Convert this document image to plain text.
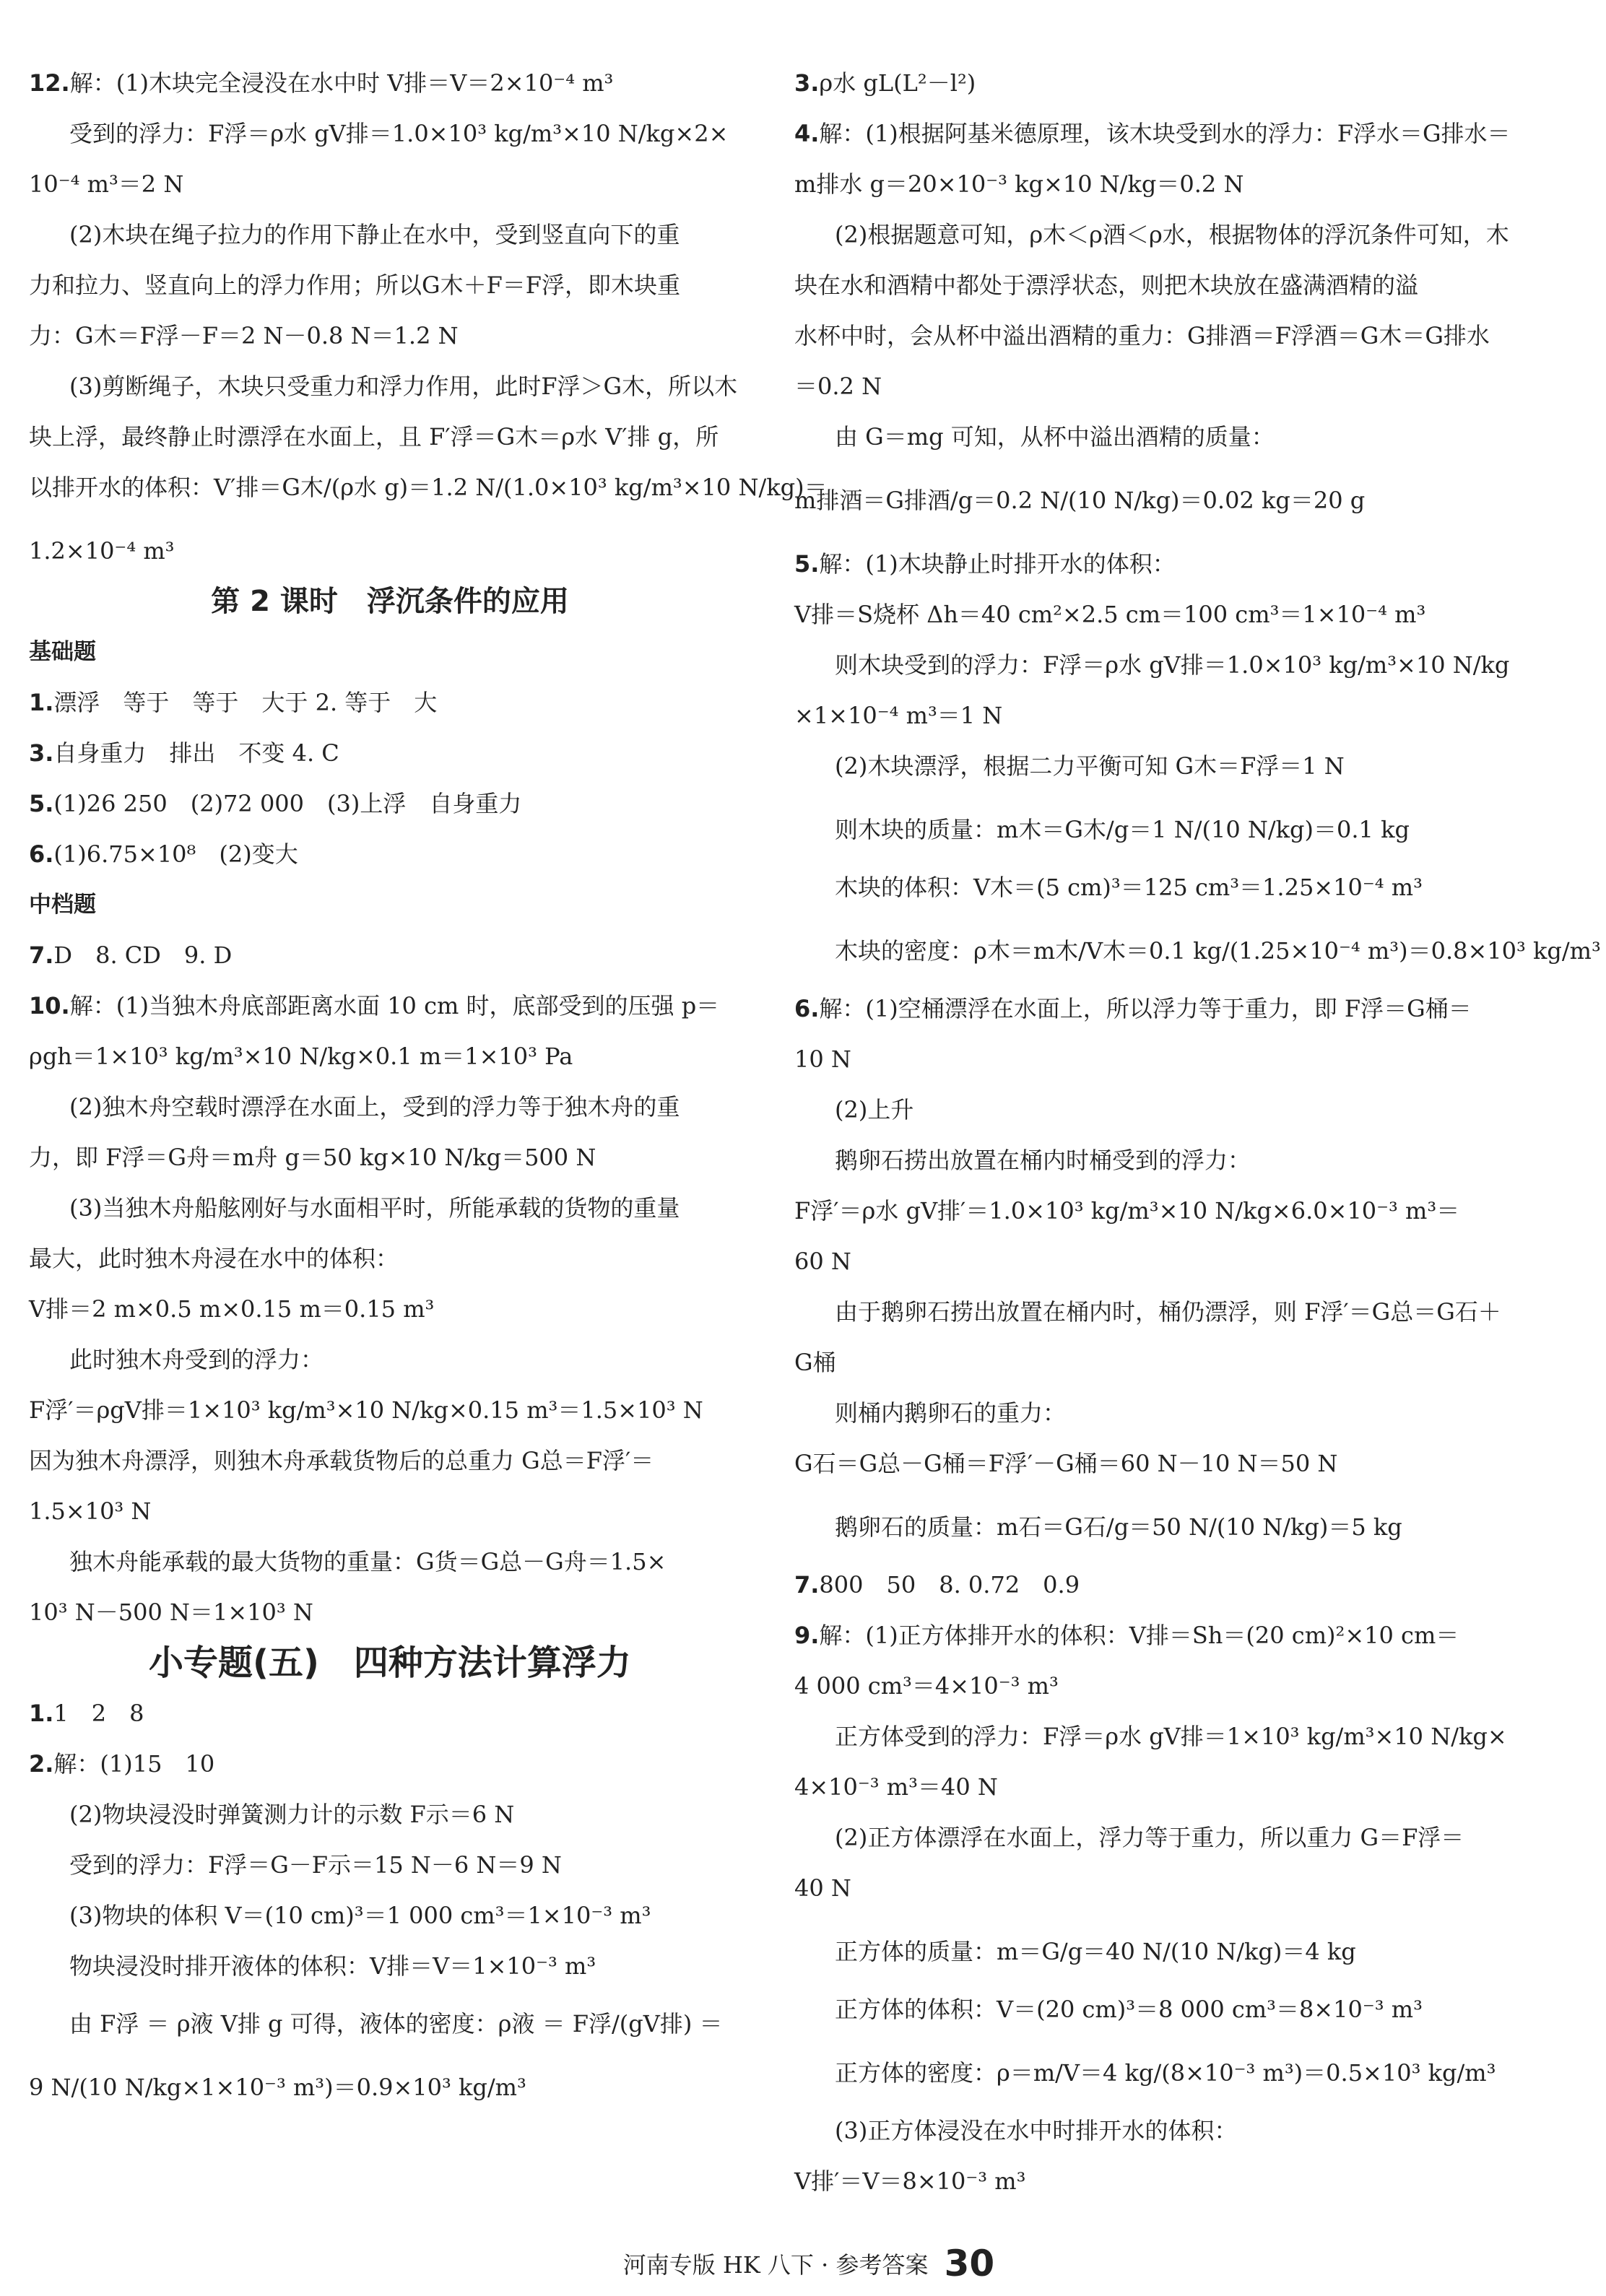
12.解：(1)木块完全浸没在水中时 V排＝V＝2×10⁻⁴ m³
受到的浮力：F浮＝ρ水 gV排＝1.0×10³ kg/m³×10 N/kg×2×
10⁻⁴ m³＝2 N
(2)木块在绳子拉力的作用下静止在水中，受到竖直向下的重
力和拉力、竖直向上的浮力作用；所以G木＋F＝F浮，即木块重
力：G木＝F浮－F＝2 N－0.8 N＝1.2 N
(3)剪断绳子，木块只受重力和浮力作用，此时F浮＞G木，所以木
块上浮，最终静止时漂浮在水面上，且 F′浮＝G木＝ρ水 V′排 g，所
以排开水的体积：V′排＝G木/(ρ水 g)＝1.2 N/(1.0×10³ kg/m³×10 N/kg)＝
1.2×10⁻⁴ m³
第 2 课时　浮沉条件的应用
基础题
1.漂浮　等于　等于　大于 2. 等于　大
3.自身重力　排出　不变 4. C
5.(1)26 250　(2)72 000　(3)上浮　自身重力
6.(1)6.75×10⁸　(2)变大
中档题
7.D　8. CD　9. D
10.解：(1)当独木舟底部距离水面 10 cm 时，底部受到的压强 p＝
ρgh＝1×10³ kg/m³×10 N/kg×0.1 m＝1×10³ Pa
(2)独木舟空载时漂浮在水面上，受到的浮力等于独木舟的重
力，即 F浮＝G舟＝m舟 g＝50 kg×10 N/kg＝500 N
(3)当独木舟船舷刚好与水面相平时，所能承载的货物的重量
最大，此时独木舟浸在水中的体积：
V排＝2 m×0.5 m×0.15 m＝0.15 m³
此时独木舟受到的浮力：
F浮′＝ρgV排＝1×10³ kg/m³×10 N/kg×0.15 m³＝1.5×10³ N
因为独木舟漂浮，则独木舟承载货物后的总重力 G总＝F浮′＝
1.5×10³ N
独木舟能承载的最大货物的重量：G货＝G总－G舟＝1.5×
10³ N－500 N＝1×10³ N
小专题(五)　四种方法计算浮力
1.1　2　8
2.解：(1)15　10
(2)物块浸没时弹簧测力计的示数 F示＝6 N
受到的浮力：F浮＝G－F示＝15 N－6 N＝9 N
(3)物块的体积 V＝(10 cm)³＝1 000 cm³＝1×10⁻³ m³
物块浸没时排开液体的体积：V排＝V＝1×10⁻³ m³
由 F浮 ＝ ρ液 V排 g 可得，液体的密度：ρ液 ＝ F浮/(gV排) ＝
9 N/(10 N/kg×1×10⁻³ m³)＝0.9×10³ kg/m³
3.ρ水 gL(L²－l²)
4.解：(1)根据阿基米德原理，该木块受到水的浮力：F浮水＝G排水＝
m排水 g＝20×10⁻³ kg×10 N/kg＝0.2 N
(2)根据题意可知，ρ木＜ρ酒＜ρ水，根据物体的浮沉条件可知，木
块在水和酒精中都处于漂浮状态，则把木块放在盛满酒精的溢
水杯中时，会从杯中溢出酒精的重力：G排酒＝F浮酒＝G木＝G排水
＝0.2 N
由 G＝mg 可知，从杯中溢出酒精的质量：
m排酒＝G排酒/g＝0.2 N/(10 N/kg)＝0.02 kg＝20 g
5.解：(1)木块静止时排开水的体积：
V排＝S烧杯 Δh＝40 cm²×2.5 cm＝100 cm³＝1×10⁻⁴ m³
则木块受到的浮力：F浮＝ρ水 gV排＝1.0×10³ kg/m³×10 N/kg
×1×10⁻⁴ m³＝1 N
(2)木块漂浮，根据二力平衡可知 G木＝F浮＝1 N
则木块的质量：m木＝G木/g＝1 N/(10 N/kg)＝0.1 kg
木块的体积：V木＝(5 cm)³＝125 cm³＝1.25×10⁻⁴ m³
木块的密度：ρ木＝m木/V木＝0.1 kg/(1.25×10⁻⁴ m³)＝0.8×10³ kg/m³
6.解：(1)空桶漂浮在水面上，所以浮力等于重力，即 F浮＝G桶＝
10 N
(2)上升
鹅卵石捞出放置在桶内时桶受到的浮力：
F浮′＝ρ水 gV排′＝1.0×10³ kg/m³×10 N/kg×6.0×10⁻³ m³＝
60 N
由于鹅卵石捞出放置在桶内时，桶仍漂浮，则 F浮′＝G总＝G石＋
G桶
则桶内鹅卵石的重力：
G石＝G总－G桶＝F浮′－G桶＝60 N－10 N＝50 N
鹅卵石的质量：m石＝G石/g＝50 N/(10 N/kg)＝5 kg
7.800　50　8. 0.72　0.9
9.解：(1)正方体排开水的体积：V排＝Sh＝(20 cm)²×10 cm＝
4 000 cm³＝4×10⁻³ m³
正方体受到的浮力：F浮＝ρ水 gV排＝1×10³ kg/m³×10 N/kg×
4×10⁻³ m³＝40 N
(2)正方体漂浮在水面上，浮力等于重力，所以重力 G＝F浮＝
40 N
正方体的质量：m＝G/g＝40 N/(10 N/kg)＝4 kg
正方体的体积：V＝(20 cm)³＝8 000 cm³＝8×10⁻³ m³
正方体的密度：ρ＝m/V＝4 kg/(8×10⁻³ m³)＝0.5×10³ kg/m³
(3)正方体浸没在水中时排开水的体积：
V排′＝V＝8×10⁻³ m³
河南专版 HK 八下 · 参考答案 30
